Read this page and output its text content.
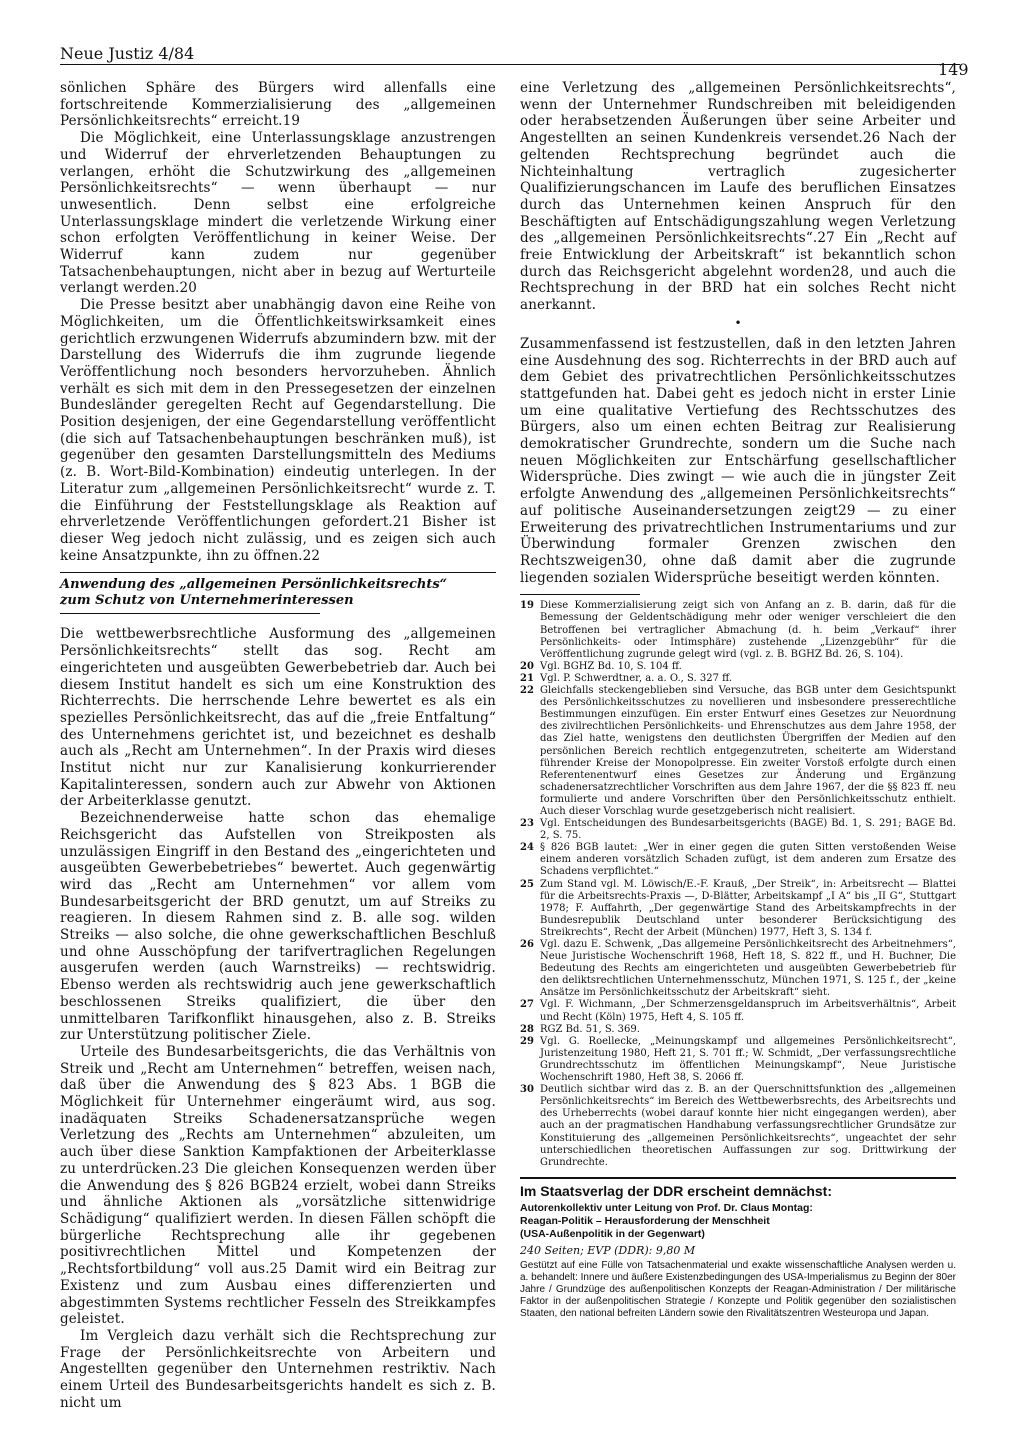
Neue Justiz 4/84
149

sönlichen Sphäre des Bürgers wird allenfalls eine fortschreitende Kommerzialisierung des „allgemeinen Persönlichkeitsrechts“ erreicht.19

Die Möglichkeit, eine Unterlassungsklage anzustrengen und Widerruf der ehrverletzenden Behauptungen zu verlangen, erhöht die Schutzwirkung des „allgemeinen Persönlichkeitsrechts“ — wenn überhaupt — nur unwesentlich. Denn selbst eine erfolgreiche Unterlassungsklage mindert die verletzende Wirkung einer schon erfolgten Veröffentlichung in keiner Weise. Der Widerruf kann zudem nur gegenüber Tatsachenbehauptungen, nicht aber in bezug auf Werturteile verlangt werden.20

Die Presse besitzt aber unabhängig davon eine Reihe von Möglichkeiten, um die Öffentlichkeitswirksamkeit eines gerichtlich erzwungenen Widerrufs abzumindern bzw. mit der Darstellung des Widerrufs die ihm zugrunde liegende Veröffentlichung noch besonders hervorzuheben. Ähnlich verhält es sich mit dem in den Pressegesetzen der einzelnen Bundesländer geregelten Recht auf Gegendarstellung. Die Position desjenigen, der eine Gegendarstellung veröffentlicht (die sich auf Tatsachenbehauptungen beschränken muß), ist gegenüber den gesamten Darstellungsmitteln des Mediums (z. B. Wort-Bild-Kombination) eindeutig unterlegen. In der Literatur zum „allgemeinen Persönlichkeitsrecht“ wurde z. T. die Einführung der Feststellungsklage als Reaktion auf ehrverletzende Veröffentlichungen gefordert.21 Bisher ist dieser Weg jedoch nicht zulässig, und es zeigen sich auch keine Ansatzpunkte, ihn zu öffnen.22

Anwendung des „allgemeinen Persönlichkeitsrechts“
zum Schutz von Unternehmerinteressen

Die wettbewerbsrechtliche Ausformung des „allgemeinen Persönlichkeitsrechts“ stellt das sog. Recht am eingerichteten und ausgeübten Gewerbebetrieb dar. Auch bei diesem Institut handelt es sich um eine Konstruktion des Richterrechts. Die herrschende Lehre bewertet es als ein spezielles Persönlichkeitsrecht, das auf die „freie Entfaltung“ des Unternehmens gerichtet ist, und bezeichnet es deshalb auch als „Recht am Unternehmen“. In der Praxis wird dieses Institut nicht nur zur Kanalisierung konkurrierender Kapitalinteressen, sondern auch zur Abwehr von Aktionen der Arbeiterklasse genutzt.

Bezeichnenderweise hatte schon das ehemalige Reichsgericht das Aufstellen von Streikposten als unzulässigen Eingriff in den Bestand des „eingerichteten und ausgeübten Gewerbebetriebes“ bewertet. Auch gegenwärtig wird das „Recht am Unternehmen“ vor allem vom Bundesarbeitsgericht der BRD genutzt, um auf Streiks zu reagieren. In diesem Rahmen sind z. B. alle sog. wilden Streiks — also solche, die ohne gewerkschaftlichen Beschluß und ohne Ausschöpfung der tarifvertraglichen Regelungen ausgerufen werden (auch Warnstreiks) — rechtswidrig. Ebenso werden als rechtswidrig auch jene gewerkschaftlich beschlossenen Streiks qualifiziert, die über den unmittelbaren Tarifkonflikt hinausgehen, also z. B. Streiks zur Unterstützung politischer Ziele.

Urteile des Bundesarbeitsgerichts, die das Verhältnis von Streik und „Recht am Unternehmen“ betreffen, weisen nach, daß über die Anwendung des § 823 Abs. 1 BGB die Möglichkeit für Unternehmer eingeräumt wird, aus sog. inadäquaten Streiks Schadenersatzansprüche wegen Verletzung des „Rechts am Unternehmen“ abzuleiten, um auch über diese Sanktion Kampfaktionen der Arbeiterklasse zu unterdrücken.23 Die gleichen Konsequenzen werden über die Anwendung des § 826 BGB24 erzielt, wobei dann Streiks und ähnliche Aktionen als „vorsätzliche sittenwidrige Schädigung“ qualifiziert werden. In diesen Fällen schöpft die bürgerliche Rechtsprechung alle ihr gegebenen positivrechtlichen Mittel und Kompetenzen der „Rechtsfortbildung“ voll aus.25 Damit wird ein Beitrag zur Existenz und zum Ausbau eines differenzierten und abgestimmten Systems rechtlicher Fesseln des Streikkampfes geleistet.

Im Vergleich dazu verhält sich die Rechtsprechung zur Frage der Persönlichkeitsrechte von Arbeitern und Angestellten gegenüber den Unternehmen restriktiv. Nach einem Urteil des Bundesarbeitsgerichts handelt es sich z. B. nicht um

eine Verletzung des „allgemeinen Persönlichkeitsrechts“, wenn der Unternehmer Rundschreiben mit beleidigenden oder herabsetzenden Äußerungen über seine Arbeiter und Angestellten an seinen Kundenkreis versendet.26 Nach der geltenden Rechtsprechung begründet auch die Nichteinhaltung vertraglich zugesicherter Qualifizierungschancen im Laufe des beruflichen Einsatzes durch das Unternehmen keinen Anspruch für den Beschäftigten auf Entschädigungszahlung wegen Verletzung des „allgemeinen Persönlichkeitsrechts“.27 Ein „Recht auf freie Entwicklung der Arbeitskraft“ ist bekanntlich schon durch das Reichsgericht abgelehnt worden28, und auch die Rechtsprechung in der BRD hat ein solches Recht nicht anerkannt.

•

Zusammenfassend ist festzustellen, daß in den letzten Jahren eine Ausdehnung des sog. Richterrechts in der BRD auch auf dem Gebiet des privatrechtlichen Persönlichkeitsschutzes stattgefunden hat. Dabei geht es jedoch nicht in erster Linie um eine qualitative Vertiefung des Rechtsschutzes des Bürgers, also um einen echten Beitrag zur Realisierung demokratischer Grundrechte, sondern um die Suche nach neuen Möglichkeiten zur Entschärfung gesellschaftlicher Widersprüche. Dies zwingt — wie auch die in jüngster Zeit erfolgte Anwendung des „allgemeinen Persönlichkeitsrechts“ auf politische Auseinandersetzungen zeigt29 — zu einer Erweiterung des privatrechtlichen Instrumentariums und zur Überwindung formaler Grenzen zwischen den Rechtszweigen30, ohne daß damit aber die zugrunde liegenden sozialen Widersprüche beseitigt werden könnten.

19 Diese Kommerzialisierung zeigt sich von Anfang an z. B. darin, daß für die Bemessung der Geldentschädigung mehr oder weniger verschleiert die den Betroffenen bei vertraglicher Abmachung (d. h. beim „Verkauf“ ihrer Persönlichkeits- oder Intimsphäre) zustehende „Lizenzgebühr“ für die Veröffentlichung zugrunde gelegt wird (vgl. z. B. BGHZ Bd. 26, S. 104).
20 Vgl. BGHZ Bd. 10, S. 104 ff.
21 Vgl. P. Schwerdtner, a. a. O., S. 327 ff.
22 Gleichfalls steckengeblieben sind Versuche, das BGB unter dem Gesichtspunkt des Persönlichkeitsschutzes zu novellieren und insbesondere presserechtliche Bestimmungen einzufügen. Ein erster Entwurf eines Gesetzes zur Neuordnung des zivilrechtlichen Persönlichkeits- und Ehrenschutzes aus dem Jahre 1958, der das Ziel hatte, wenigstens den deutlichsten Übergriffen der Medien auf den persönlichen Bereich rechtlich entgegenzutreten, scheiterte am Widerstand führender Kreise der Monopolpresse. Ein zweiter Vorstoß erfolgte durch einen Referentenentwurf eines Gesetzes zur Änderung und Ergänzung schadenersatzrechtlicher Vorschriften aus dem Jahre 1967, der die §§ 823 ff. neu formulierte und andere Vorschriften über den Persönlichkeitsschutz enthielt. Auch dieser Vorschlag wurde gesetzgeberisch nicht realisiert.
23 Vgl. Entscheidungen des Bundesarbeitsgerichts (BAGE) Bd. 1, S. 291; BAGE Bd. 2, S. 75.
24 § 826 BGB lautet: „Wer in einer gegen die guten Sitten verstoßenden Weise einem anderen vorsätzlich Schaden zufügt, ist dem anderen zum Ersatze des Schadens verpflichtet.“
25 Zum Stand vgl. M. Löwisch/E.-F. Krauß, „Der Streik“, in: Arbeitsrecht — Blattei für die Arbeitsrechts-Praxis —, D-Blätter, Arbeitskampf „I A“ bis „II G“, Stuttgart 1978; F. Auffahrth, „Der gegenwärtige Stand des Arbeitskampfrechts in der Bundesrepublik Deutschland unter besonderer Berücksichtigung des Streikrechts“, Recht der Arbeit (München) 1977, Heft 3, S. 134 f.
26 Vgl. dazu E. Schwenk, „Das allgemeine Persönlichkeitsrecht des Arbeitnehmers“, Neue Juristische Wochenschrift 1968, Heft 18, S. 822 ff., und H. Buchner, Die Bedeutung des Rechts am eingerichteten und ausgeübten Gewerbebetrieb für den deliktsrechtlichen Unternehmensschutz, München 1971, S. 125 f., der „keine Ansätze im Persönlichkeitsschutz der Arbeitskraft“ sieht.
27 Vgl. F. Wichmann, „Der Schmerzensgeldanspruch im Arbeitsverhältnis“, Arbeit und Recht (Köln) 1975, Heft 4, S. 105 ff.
28 RGZ Bd. 51, S. 369.
29 Vgl. G. Roellecke, „Meinungskampf und allgemeines Persönlichkeitsrecht“, Juristenzeitung 1980, Heft 21, S. 701 ff.; W. Schmidt, „Der verfassungsrechtliche Grundrechtsschutz im öffentlichen Meinungskampf“, Neue Juristische Wochenschrift 1980, Heft 38, S. 2066 ff.
30 Deutlich sichtbar wird das z. B. an der Querschnittsfunktion des „allgemeinen Persönlichkeitsrechts“ im Bereich des Wettbewerbsrechts, des Arbeitsrechts und des Urheberrechts (wobei darauf konnte hier nicht eingegangen werden), aber auch an der pragmatischen Handhabung verfassungsrechtlicher Grundsätze zur Konstituierung des „allgemeinen Persönlichkeitsrechts“, ungeachtet der sehr unterschiedlichen theoretischen Auffassungen zur sog. Drittwirkung der Grundrechte.
Im Staatsverlag der DDR erscheint demnächst:
Autorenkollektiv unter Leitung von Prof. Dr. Claus Montag:
Reagan-Politik – Herausforderung der Menschheit
(USA-Außenpolitik in der Gegenwart)
240 Seiten; EVP (DDR): 9,80 M
Gestützt auf eine Fülle von Tatsachenmaterial und exakte wissenschaftliche Analysen werden u. a. behandelt: Innere und äußere Existenzbedingungen des USA-Imperialismus zu Beginn der 80er Jahre / Grundzüge des außenpolitischen Konzepts der Reagan-Administration / Der militärische Faktor in der außenpolitischen Strategie / Konzepte und Politik gegenüber den sozialistischen Staaten, den national befreiten Ländern sowie den Rivalitätszentren Westeuropa und Japan.
